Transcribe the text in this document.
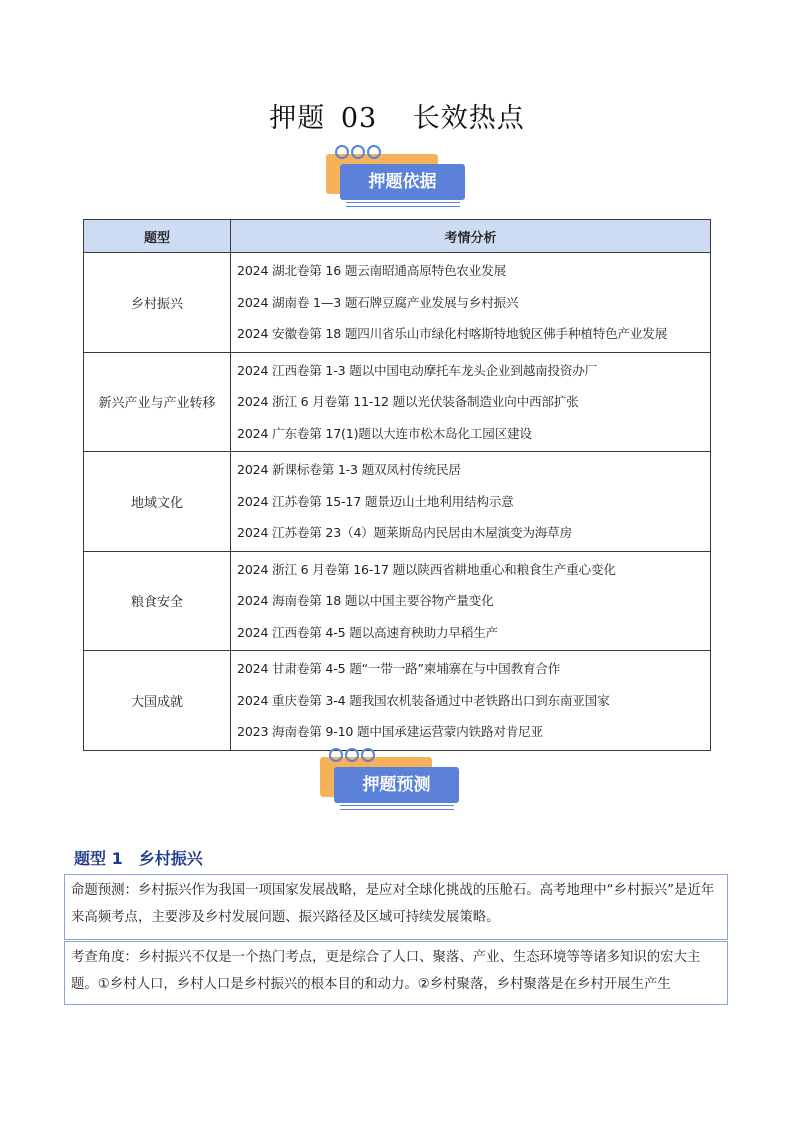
押题 03 长效热点
押题依据
题型	考情分析
乡村振兴	2024 湖北卷第 16 题云南昭通高原特色农业发展
2024 湖南卷 1—3 题石牌豆腐产业发展与乡村振兴
2024 安徽卷第 18 题四川省乐山市绿化村喀斯特地貌区佛手种植特色产业发展

新兴产业与产业转移	2024 江西卷第 1-3 题以中国电动摩托车龙头企业到越南投资办厂
2024 浙江 6 月卷第 11-12 题以光伏装备制造业向中西部扩张
2024 广东卷第 17(1)题以大连市松木岛化工园区建设

地域文化	2024 新课标卷第 1-3 题双凤村传统民居
2024 江苏卷第 15-17 题景迈山土地利用结构示意
2024 江苏卷第 23（4）题莱斯岛内民居由木屋演变为海草房

粮食安全	2024 浙江 6 月卷第 16-17 题以陕西省耕地重心和粮食生产重心变化
2024 海南卷第 18 题以中国主要谷物产量变化
2024 江西卷第 4-5 题以高速育秧助力早稻生产

大国成就	2024 甘肃卷第 4-5 题“一带一路”柬埔寨在与中国教育合作
2024 重庆卷第 3-4 题我国农机装备通过中老铁路出口到东南亚国家
2023 海南卷第 9-10 题中国承建运营蒙内铁路对肯尼亚
押题预测
题型 1　乡村振兴
命题预测：乡村振兴作为我国一项国家发展战略，是应对全球化挑战的压舱石。高考地理中“乡村振兴”是近年来高频考点，主要涉及乡村发展问题、振兴路径及区域可持续发展策略。
考查角度：乡村振兴不仅是一个热门考点，更是综合了人口、聚落、产业、生态环境等等诸多知识的宏大主题。①乡村人口，乡村人口是乡村振兴的根本目的和动力。②乡村聚落，乡村聚落是在乡村开展生产生
